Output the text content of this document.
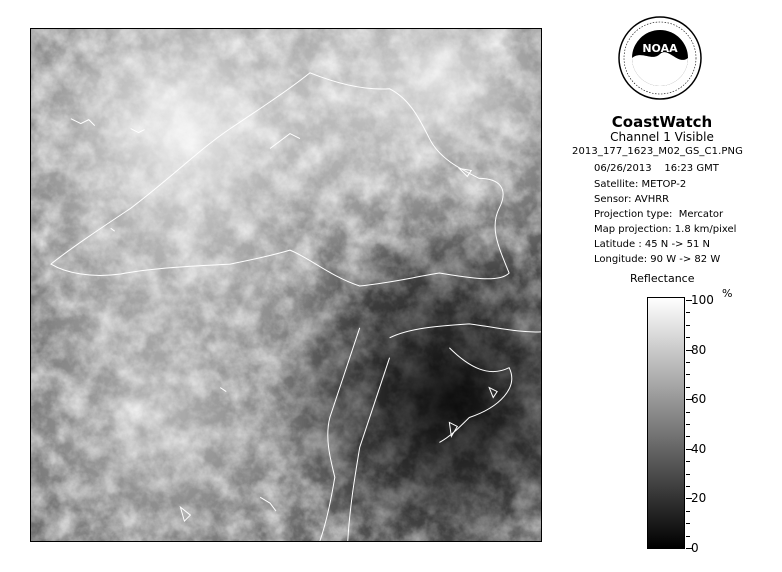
NOAA
CoastWatch
Channel 1 Visible
2013_177_1623_M02_GS_C1.PNG
06/26/2013    16:23 GMT
Satellite: METOP-2
Sensor: AVHRR
Projection type:  Mercator
Map projection: 1.8 km/pixel
Latitude : 45 N -> 51 N
Longitude: 90 W -> 82 W
Reflectance
%
100
80
60
40
20
0
